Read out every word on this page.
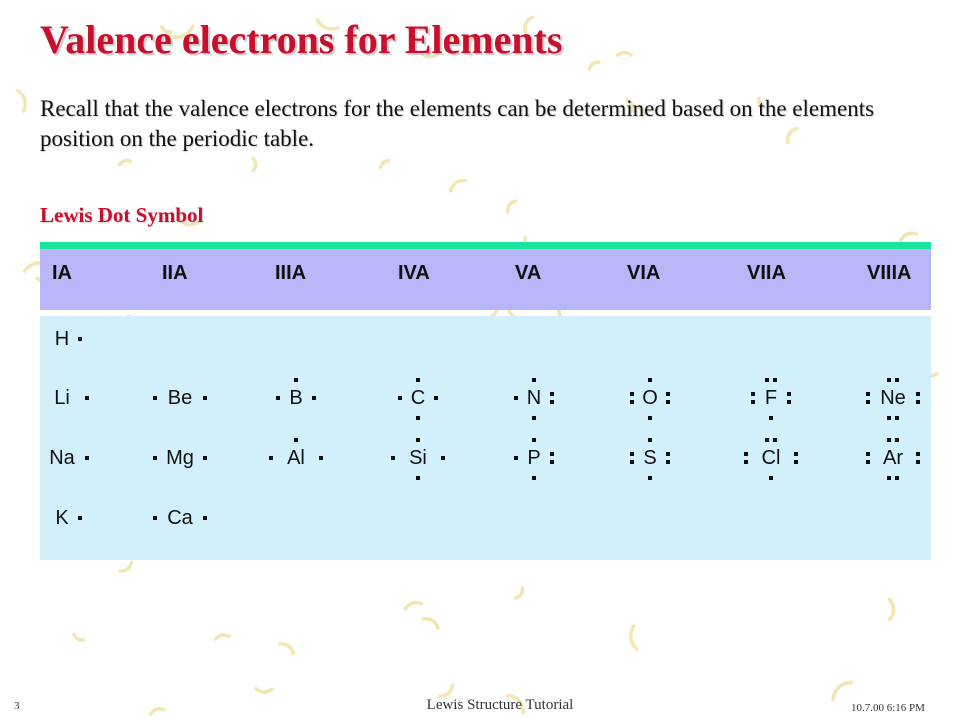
Valence electrons for Elements

Recall that the valence electrons for the elements can be determined based on the elements position on the periodic table.

Lewis Dot Symbol
IA	IIA	IIIA	IVA	VA	VIA	VIIA	VIIIA
H
Li	Be	B	C	N	O	F	Ne
Na	Mg	Al	Si	P	S	Cl	Ar
K	Ca
3	Lewis Structure Tutorial	10.7.00 6:16 PM
